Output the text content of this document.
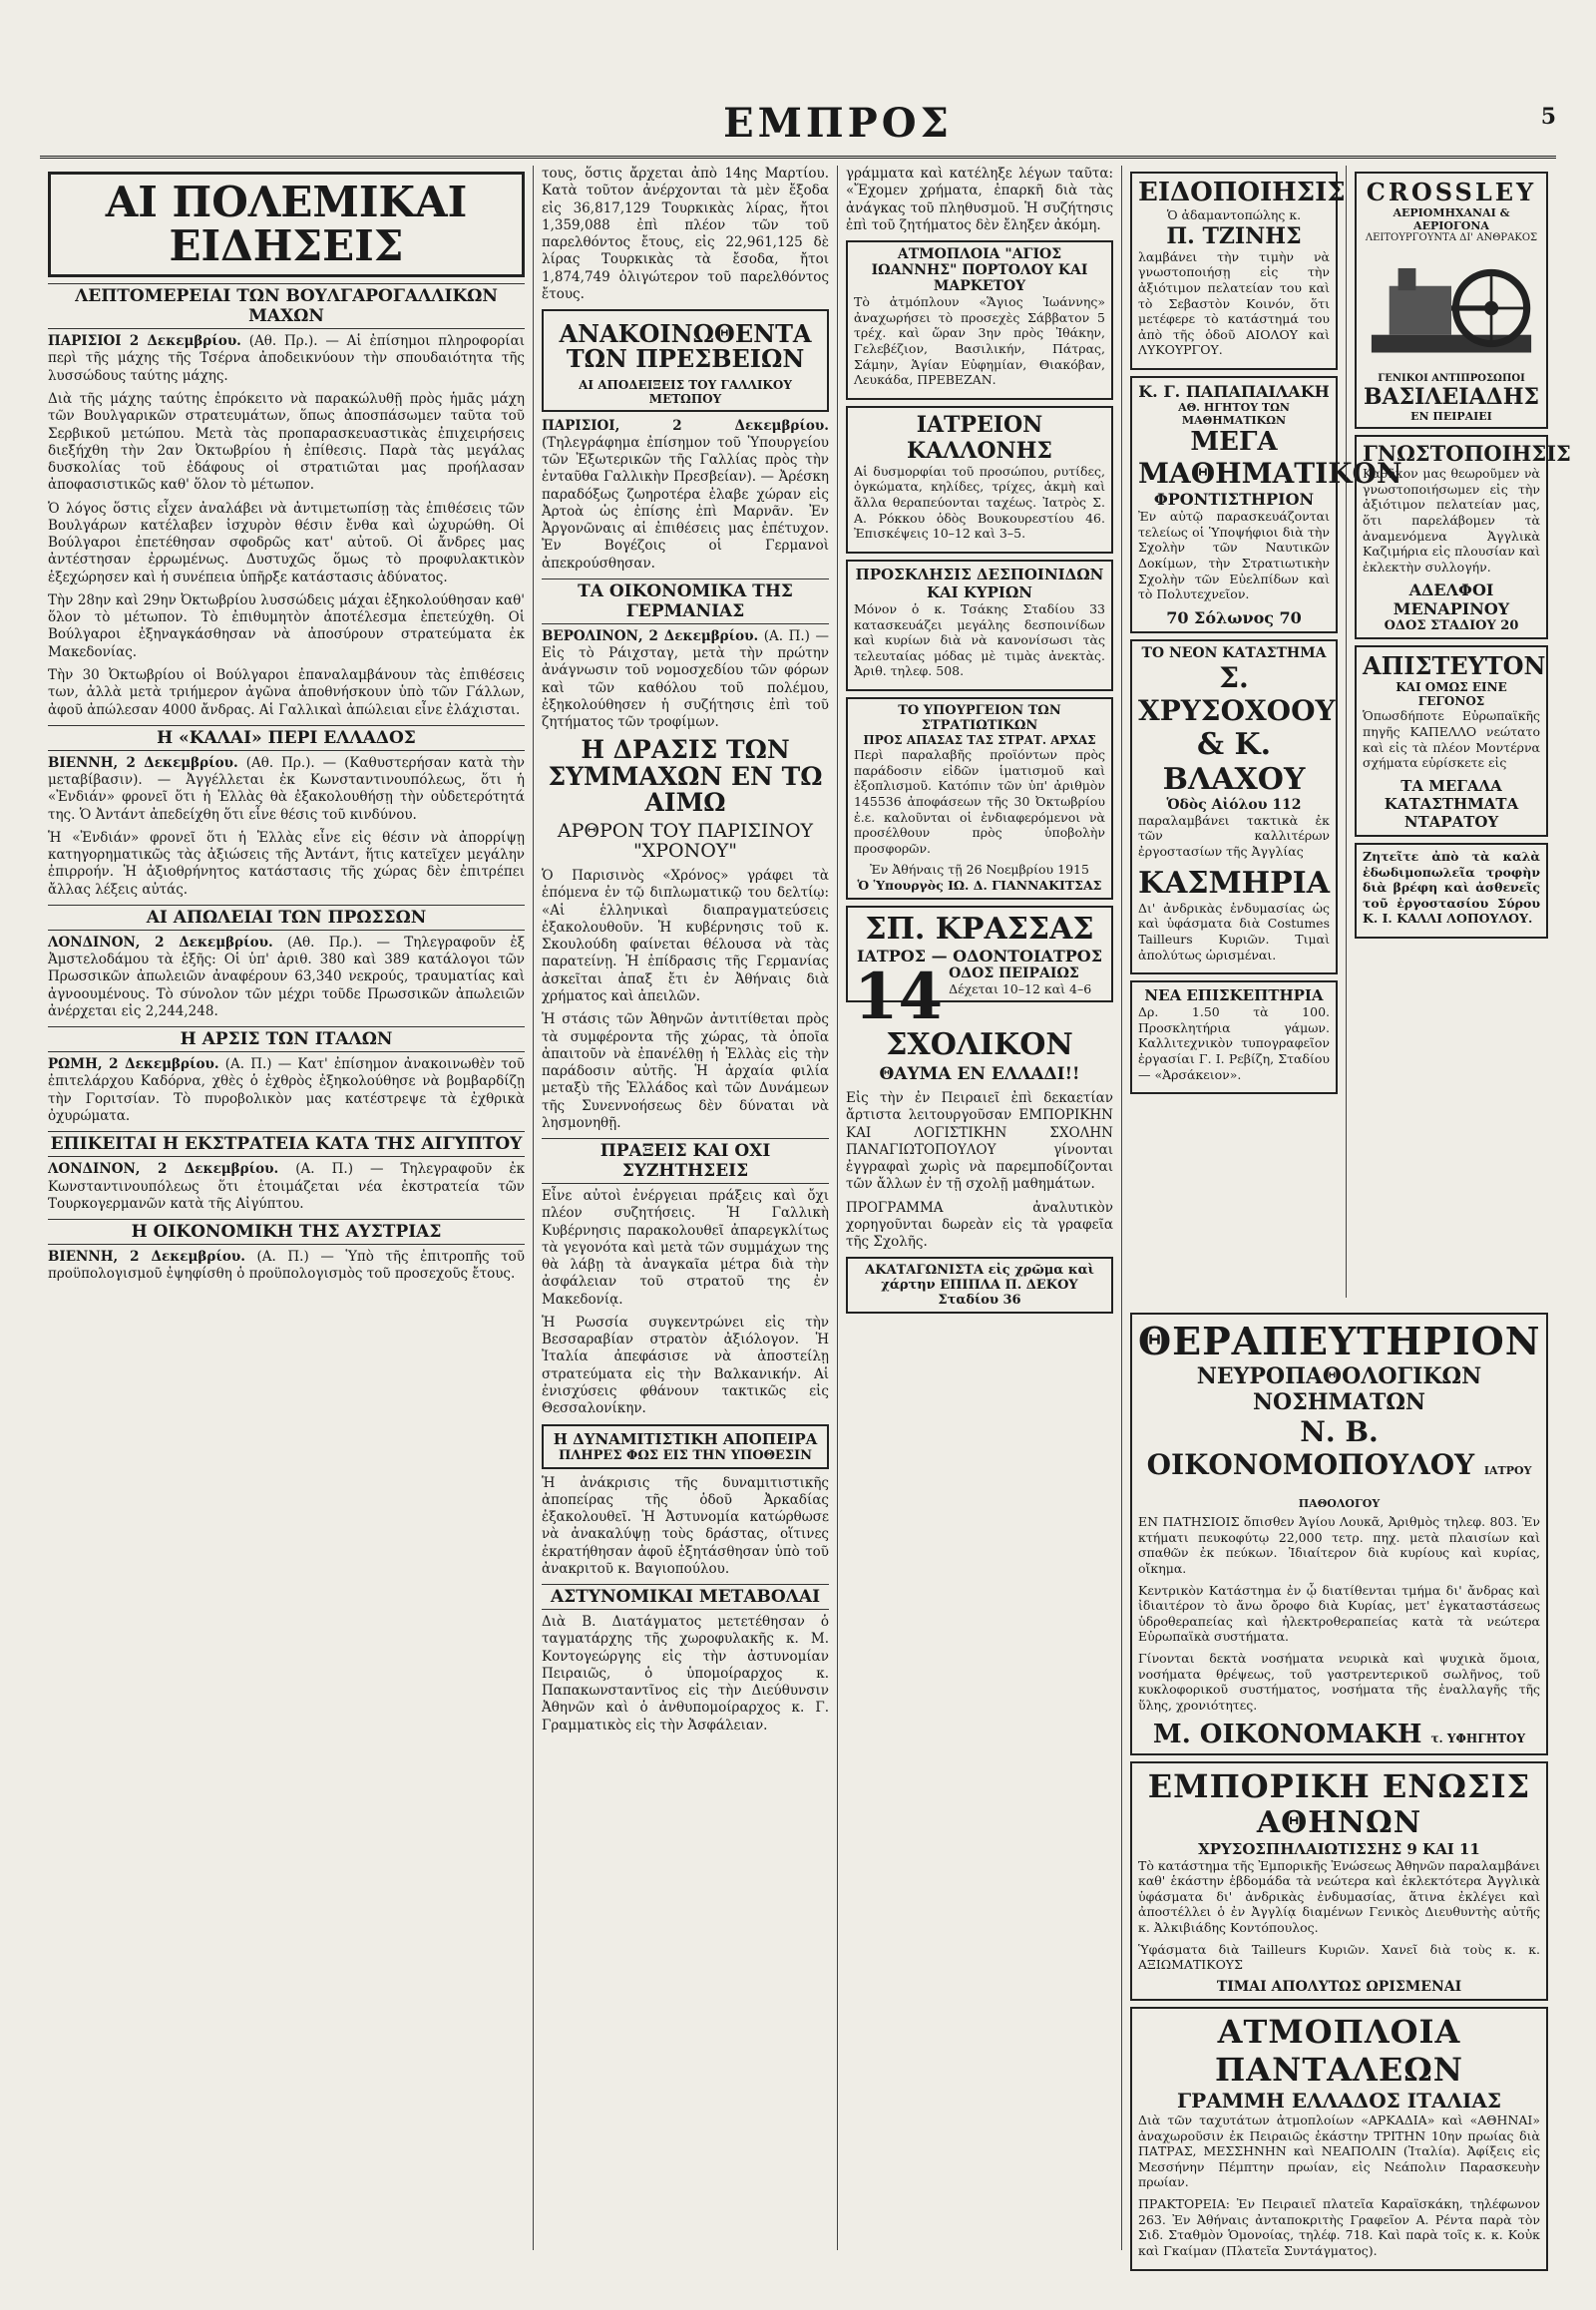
ΕΜΠΡΟΣ	5
ΑΙ ΠΟΛΕΜΙΚΑΙ ΕΙΔΗΣΕΙΣ
ΛΕΠΤΟΜΕΡΕΙΑΙ ΤΩΝ ΒΟΥΛΓΑΡΟΓΑΛΛΙΚΩΝ ΜΑΧΩΝ

ΠΑΡΙΣΙΟΙ 2 Δεκεμβρίου. (Αθ. Πρ.). — Αἱ ἐπίσημοι πληροφορίαι περὶ τῆς μάχης τῆς Τσέρνα ἀποδεικνύουν τὴν σπουδαιότητα τῆς λυσσώδους ταύτης μάχης.

Διὰ τῆς μάχης ταύτης ἐπρόκειτο νὰ παρακώλυθῇ πρὸς ἡμᾶς μάχη τῶν Βουλγαρικῶν στρατευμάτων, ὅπως ἀποσπάσωμεν ταῦτα τοῦ Σερβικοῦ μετώπου. Μετὰ τὰς προπαρασκευαστικὰς ἐπιχειρήσεις διεξήχθη τὴν 2αν Ὀκτωβρίου ἡ ἐπίθεσις. Παρὰ τὰς μεγάλας δυσκολίας τοῦ ἐδάφους οἱ στρατιῶται μας προήλασαν ἀποφασιστικῶς καθ' ὅλον τὸ μέτωπον.

Ὁ λόγος ὅστις εἶχεν ἀναλάβει νὰ ἀντιμετωπίσῃ τὰς ἐπιθέσεις τῶν Βουλγάρων κατέλαβεν ἰσχυρὸν θέσιν ἔνθα καὶ ὠχυρώθη. Οἱ Βούλγαροι ἐπετέθησαν σφοδρῶς κατ' αὐτοῦ. Οἱ ἄνδρες μας ἀντέστησαν ἐρρωμένως. Δυστυχῶς ὅμως τὸ προφυλακτικὸν ἐξεχώρησεν καὶ ἡ συνέπεια ὑπῆρξε κατάστασις ἀδύνατος.

Τὴν 28ην καὶ 29ην Ὀκτωβρίου λυσσώδεις μάχαι ἐξηκολούθησαν καθ' ὅλον τὸ μέτωπον. Τὸ ἐπιθυμητὸν ἀποτέλεσμα ἐπετεύχθη. Οἱ Βούλγαροι ἐξηναγκάσθησαν νὰ ἀποσύρουν στρατεύματα ἐκ Μακεδονίας.

Τὴν 30 Ὀκτωβρίου οἱ Βούλγαροι ἐπαναλαμβάνουν τὰς ἐπιθέσεις των, ἀλλὰ μετὰ τριήμερον ἀγῶνα ἀποθνήσκουν ὑπὸ τῶν Γάλλων, ἀφοῦ ἀπώλεσαν 4000 ἄνδρας. Αἱ Γαλλικαὶ ἀπώλειαι εἶνε ἐλάχισται.

Η «ΚΑΛΑΙ» ΠΕΡΙ ΕΛΛΑΔΟΣ

ΒΙΕΝΝΗ, 2 Δεκεμβρίου. (Αθ. Πρ.). — (Καθυστερήσαν κατὰ τὴν μεταβίβασιν). — Ἀγγέλλεται ἐκ Κωνσταντινουπόλεως, ὅτι ἡ «Ἐνδιάν» φρονεῖ ὅτι ἡ Ἑλλὰς θὰ ἐξακολουθήσῃ τὴν οὐδετερότητά της. Ὁ Ἀντάντ ἀπεδείχθη ὅτι εἶνε θέσις τοῦ κινδύνου.

Ἡ «Ἐνδιάν» φρονεῖ ὅτι ἡ Ἑλλὰς εἶνε εἰς θέσιν νὰ ἀπορρίψῃ κατηγορηματικῶς τὰς ἀξιώσεις τῆς Ἀντάντ, ἥτις κατεῖχεν μεγάλην ἐπιρροήν. Ἡ ἀξιοθρήνητος κατάστασις τῆς χώρας δὲν ἐπιτρέπει ἄλλας λέξεις αὐτάς.

ΑΙ ΑΠΩΛΕΙΑΙ ΤΩΝ ΠΡΩΣΣΩΝ

ΛΟΝΔΙΝΟΝ, 2 Δεκεμβρίου. (Αθ. Πρ.). — Τηλεγραφοῦν ἐξ Ἀμστελοδάμου τὰ ἑξῆς: Οἱ ὑπ' ἀριθ. 380 καὶ 389 κατάλογοι τῶν Πρωσσικῶν ἀπωλειῶν ἀναφέρουν 63,340 νεκρούς, τραυματίας καὶ ἀγνοουμένους. Τὸ σύνολον τῶν μέχρι τοῦδε Πρωσσικῶν ἀπωλειῶν ἀνέρχεται εἰς 2,244,248.

Η ΑΡΣΙΣ ΤΩΝ ΙΤΑΛΩΝ

ΡΩΜΗ, 2 Δεκεμβρίου. (Α. Π.) — Κατ' ἐπίσημον ἀνακοινωθὲν τοῦ ἐπιτελάρχου Καδόρνα, χθὲς ὁ ἐχθρὸς ἐξηκολούθησε νὰ βομβαρδίζῃ τὴν Γοριτσίαν. Τὸ πυροβολικὸν μας κατέστρεψε τὰ ἐχθρικὰ ὀχυρώματα.

ΕΠΙΚΕΙΤΑΙ Η ΕΚΣΤΡΑΤΕΙΑ ΚΑΤΑ ΤΗΣ ΑΙΓΥΠΤΟΥ

ΛΟΝΔΙΝΟΝ, 2 Δεκεμβρίου. (Α. Π.) — Τηλεγραφοῦν ἐκ Κωνσταντινουπόλεως ὅτι ἐτοιμάζεται νέα ἐκστρατεία τῶν Τουρκογερμανῶν κατὰ τῆς Αἰγύπτου.

Η ΟΙΚΟΝΟΜΙΚΗ ΤΗΣ ΑΥΣΤΡΙΑΣ

ΒΙΕΝΝΗ, 2 Δεκεμβρίου. (Α. Π.) — Ὑπὸ τῆς ἐπιτροπῆς τοῦ προϋπολογισμοῦ ἐψηφίσθη ὁ προϋπολογισμὸς τοῦ προσεχοῦς ἔτους.

τους, ὅστις ἄρχεται ἀπὸ 14ης Μαρτίου. Κατὰ τοῦτον ἀνέρχονται τὰ μὲν ἔξοδα εἰς 36,817,129 Τουρκικὰς λίρας, ἤτοι 1,359,088 ἐπὶ πλέον τῶν τοῦ παρελθόντος ἔτους, εἰς 22,961,125 δὲ λίρας Τουρκικὰς τὰ ἔσοδα, ἤτοι 1,874,749 ὀλιγώτερον τοῦ παρελθόντος ἔτους.

ΑΝΑΚΟΙΝΩΘΕΝΤΑ ΤΩΝ ΠΡΕΣΒΕΙΩΝ
ΑΙ ΑΠΟΔΕΙΞΕΙΣ ΤΟΥ ΓΑΛΛΙΚΟΥ ΜΕΤΩΠΟΥ

ΠΑΡΙΣΙΟΙ, 2 Δεκεμβρίου. (Τηλεγράφημα ἐπίσημον τοῦ Ὑπουργείου τῶν Ἐξωτερικῶν τῆς Γαλλίας πρὸς τὴν ἐνταῦθα Γαλλικὴν Πρεσβείαν). — Ἀρέσκη παραδόξως ζωηροτέρα ἐλαβε χώραν εἰς Ἀρτοὰ ὡς ἐπίσης ἐπὶ Μαρνᾶν. Ἐν Ἀργονῶναις αἱ ἐπιθέσεις μας ἐπέτυχον. Ἐν Βογέζοις οἱ Γερμανοὶ ἀπεκρούσθησαν.

ΤΑ ΟΙΚΟΝΟΜΙΚΑ ΤΗΣ ΓΕΡΜΑΝΙΑΣ

ΒΕΡΟΛΙΝΟΝ, 2 Δεκεμβρίου. (Α. Π.) — Εἰς τὸ Ράιχσταγ, μετὰ τὴν πρώτην ἀνάγνωσιν τοῦ νομοσχεδίου τῶν φόρων καὶ τῶν καθόλου τοῦ πολέμου, ἐξηκολούθησεν ἡ συζήτησις ἐπὶ τοῦ ζητήματος τῶν τροφίμων.

Η ΔΡΑΣΙΣ ΤΩΝ ΣΥΜΜΑΧΩΝ ΕΝ ΤΩ ΑΙΜΩ
ΑΡΘΡΟΝ ΤΟΥ ΠΑΡΙΣΙΝΟΥ "ΧΡΟΝΟΥ"

Ὁ Παρισινὸς «Χρόνος» γράφει τὰ ἑπόμενα ἐν τῷ διπλωματικῷ του δελτίῳ: «Αἱ ἑλληνικαὶ διαπραγματεύσεις ἐξακολουθοῦν. Ἡ κυβέρνησις τοῦ κ. Σκουλούδη φαίνεται θέλουσα νὰ τὰς παρατείνῃ. Ἡ ἐπίδρασις τῆς Γερμανίας ἀσκεῖται ἀπαξ ἔτι ἐν Ἀθήναις διὰ χρήματος καὶ ἀπειλῶν.

Ἡ στάσις τῶν Ἀθηνῶν ἀντιτίθεται πρὸς τὰ συμφέροντα τῆς χώρας, τὰ ὁποῖα ἀπαιτοῦν νὰ ἐπανέλθῃ ἡ Ἑλλὰς εἰς τὴν παράδοσιν αὐτῆς. Ἡ ἀρχαία φιλία μεταξὺ τῆς Ἑλλάδος καὶ τῶν Δυνάμεων τῆς Συνεννοήσεως δὲν δύναται νὰ λησμονηθῇ.

ΠΡΑΞΕΙΣ ΚΑΙ ΟΧΙ ΣΥΖΗΤΗΣΕΙΣ

Εἶνε αὐτοὶ ἐνέργειαι πράξεις καὶ ὄχι πλέον συζητήσεις. Ἡ Γαλλικὴ Κυβέρνησις παρακολουθεῖ ἀπαρεγκλίτως τὰ γεγονότα καὶ μετὰ τῶν συμμάχων της θὰ λάβῃ τὰ ἀναγκαῖα μέτρα διὰ τὴν ἀσφάλειαν τοῦ στρατοῦ της ἐν Μακεδονίᾳ.

Ἡ Ρωσσία συγκεντρώνει εἰς τὴν Βεσσαραβίαν στρατὸν ἀξιόλογον. Ἡ Ἰταλία ἀπεφάσισε νὰ ἀποστείλῃ στρατεύματα εἰς τὴν Βαλκανικήν. Αἱ ἐνισχύσεις φθάνουν τακτικῶς εἰς Θεσσαλονίκην.

Η ΔΥΝΑΜΙΤΙΣΤΙΚΗ ΑΠΟΠΕΙΡΑ
ΠΛΗΡΕΣ ΦΩΣ ΕΙΣ ΤΗΝ ΥΠΟΘΕΣΙΝ

Ἡ ἀνάκρισις τῆς δυναμιτιστικῆς ἀποπείρας τῆς ὁδοῦ Ἀρκαδίας ἐξακολουθεῖ. Ἡ Ἀστυνομία κατώρθωσε νὰ ἀνακαλύψῃ τοὺς δράστας, οἵτινες ἐκρατήθησαν ἀφοῦ ἐξητάσθησαν ὑπὸ τοῦ ἀνακριτοῦ κ. Βαγιοπούλου.

ΑΣΤΥΝΟΜΙΚΑΙ ΜΕΤΑΒΟΛΑΙ

Διὰ Β. Διατάγματος μετετέθησαν ὁ ταγματάρχης τῆς χωροφυλακῆς κ. Μ. Κοντογεώργης εἰς τὴν ἀστυνομίαν Πειραιῶς, ὁ ὑπομοίραρχος κ. Παπακωνσταντῖνος εἰς τὴν Διεύθυνσιν Ἀθηνῶν καὶ ὁ ἀνθυπομοίραρχος κ. Γ. Γραμματικὸς εἰς τὴν Ἀσφάλειαν.

γράμματα καὶ κατέληξε λέγων ταῦτα: «Ἔχομεν χρήματα, ἐπαρκῆ διὰ τὰς ἀνάγκας τοῦ πληθυσμοῦ. Ἡ συζήτησις ἐπὶ τοῦ ζητήματος δὲν ἔληξεν ἀκόμη.

ΑΤΜΟΠΛΟΙΑ "ΑΓΙΟΣ ΙΩΑΝΝΗΣ" ΠΟΡΤΟΛΟΥ ΚΑΙ ΜΑΡΚΕΤΟΥ

Τὸ ἀτμόπλουν «Ἅγιος Ἰωάννης» ἀναχωρήσει τὸ προσεχὲς Σάββατον 5 τρέχ. καὶ ὥραν 3ην πρὸς Ἰθάκην, Γελεβέζιον, Βασιλικήν, Πάτρας, Σάμην, Ἁγίαν Εὐφημίαν, Θιακόβαν, Λευκάδα, ΠΡΕΒΕΖΑΝ.

ΙΑΤΡΕΙΟΝ ΚΑΛΛΟΝΗΣ

Αἱ δυσμορφίαι τοῦ προσώπου, ρυτίδες, ὀγκώματα, κηλίδες, τρίχες, ἀκμὴ καὶ ἄλλα θεραπεύονται ταχέως. Ἰατρὸς Σ. Α. Ρόκκου ὁδὸς Βουκουρεστίου 46. Ἐπισκέψεις 10–12 καὶ 3–5.

ΠΡΟΣΚΛΗΣΙΣ ΔΕΣΠΟΙΝΙΔΩΝ ΚΑΙ ΚΥΡΙΩΝ

Μόνον ὁ κ. Τσάκης Σταδίου 33 κατασκευάζει μεγάλης δεσποινίδων καὶ κυρίων διὰ νὰ κανονίσωσι τὰς τελευταίας μόδας μὲ τιμὰς ἀνεκτὰς. Ἀριθ. τηλεφ. 508.

ΤΟ ΥΠΟΥΡΓΕΙΟΝ ΤΩΝ ΣΤΡΑΤΙΩΤΙΚΩΝ
ΠΡΟΣ ΑΠΑΣΑΣ ΤΑΣ ΣΤΡΑΤ. ΑΡΧΑΣ

Περὶ παραλαβῆς προϊόντων πρὸς παράδοσιν εἰδῶν ἱματισμοῦ καὶ ἐξοπλισμοῦ. Κατόπιν τῶν ὑπ' ἀριθμὸν 145536 ἀποφάσεων τῆς 30 Ὀκτωβρίου ἐ.ε. καλοῦνται οἱ ἐνδιαφερόμενοι νὰ προσέλθουν πρὸς ὑποβολὴν προσφορῶν.

Ἐν Ἀθήναις τῇ 26 Νοεμβρίου 1915
Ὁ Ὑπουργὸς ΙΩ. Δ. ΓΙΑΝΝΑΚΙΤΣΑΣ
ΣΠ. ΚΡΑΣΣΑΣ
ΙΑΤΡΟΣ — ΟΔΟΝΤΟΙΑΤΡΟΣ
14 ΟΔΟΣ ΠΕΙΡΑΙΩΣ
Δέχεται 10–12 καὶ 4–6
ΣΧΟΛΙΚΟΝ
ΘΑΥΜΑ ΕΝ ΕΛΛΑΔΙ!!

Εἰς τὴν ἐν Πειραιεῖ ἐπὶ δεκαετίαν ἄρτιστα λειτουργοῦσαν ΕΜΠΟΡΙΚΗΝ ΚΑΙ ΛΟΓΙΣΤΙΚΗΝ ΣΧΟΛΗΝ ΠΑΝΑΓΙΩΤΟΠΟΥΛΟΥ γίνονται ἐγγραφαὶ χωρὶς νὰ παρεμποδίζονται τῶν ἄλλων ἐν τῇ σχολῇ μαθημάτων.

ΠΡΟΓΡΑΜΜΑ ἀναλυτικὸν χορηγοῦνται δωρεὰν εἰς τὰ γραφεῖα τῆς Σχολῆς.

ΑΚΑΤΑΓΩΝΙΣΤΑ εἰς χρῶμα καὶ χάρτην ΕΠΙΠΛΑ Π. ΔΕΚΟΥ Σταδίου 36
ΕΙΔΟΠΟΙΗΣΙΣ
Ὁ ἀδαμαντοπώλης κ.
Π. ΤΖΙΝΗΣ

λαμβάνει τὴν τιμὴν νὰ γνωστοποιήσῃ εἰς τὴν ἀξιότιμον πελατείαν του καὶ τὸ Σεβαστὸν Κοινόν, ὅτι μετέφερε τὸ κατάστημά του ἀπὸ τῆς ὁδοῦ ΑΙΟΛΟΥ καὶ ΛΥΚΟΥΡΓΟΥ.

Κ. Γ. ΠΑΠΑΠΑΙΛΑΚΗ
ΑΘ. ΗΓΗΤΟΥ ΤΩΝ ΜΑΘΗΜΑΤΙΚΩΝ
ΜΕΓΑ
ΜΑΘΗΜΑΤΙΚΟΝ
ΦΡΟΝΤΙΣΤΗΡΙΟΝ

Ἐν αὐτῷ παρασκευάζονται τελείως οἱ Ὑποψήφιοι διὰ τὴν Σχολὴν τῶν Ναυτικῶν Δοκίμων, τὴν Στρατιωτικὴν Σχολὴν τῶν Εὐελπίδων καὶ τὸ Πολυτεχνεῖον.

70 Σόλωνος 70
ΤΟ ΝΕΟΝ ΚΑΤΑΣΤΗΜΑ
Σ. ΧΡΥΣΟΧΟΟΥ
& Κ. ΒΛΑΧΟΥ
Ὁδὸς Αἰόλου 112

παραλαμβάνει τακτικὰ ἐκ τῶν καλλιτέρων ἐργοστασίων τῆς Ἀγγλίας

ΚΑΣΜΗΡΙΑ

Δι' ἀνδρικὰς ἐνδυμασίας ὡς καὶ ὑφάσματα διὰ Costumes Tailleurs Κυριῶν. Τιμαὶ ἀπολύτως ὡρισμέναι.

ΝΕΑ ΕΠΙΣΚΕΠΤΗΡΙΑ

Δρ. 1.50 τὰ 100. Προσκλητήρια γάμων. Καλλιτεχνικὸν τυπογραφεῖον ἐργασίαι Γ. Ι. Ρεβίζη, Σταδίου — «Ἀρσάκειον».

CROSSLEY
ΑΕΡΙΟΜΗΧΑΝΑΙ & ΑΕΡΙΟΓΟΝΑ
ΛΕΙΤΟΥΡΓΟΥΝΤΑ ΔΙ' ΑΝΘΡΑΚΟΣ
ΓΕΝΙΚΟΙ ΑΝΤΙΠΡΟΣΩΠΟΙ
ΒΑΣΙΛΕΙΑΔΗΣ
ΕΝ ΠΕΙΡΑΙΕΙ
ΓΝΩΣΤΟΠΟΙΗΣΙΣ

Καθῆκον μας θεωροῦμεν νὰ γνωστοποιήσωμεν εἰς τὴν ἀξιότιμον πελατείαν μας, ὅτι παρελάβομεν τὰ ἀναμενόμενα Ἀγγλικὰ Καζιμήρια εἰς πλουσίαν καὶ ἐκλεκτὴν συλλογήν.

ΑΔΕΛΦΟΙ ΜΕΝΑΡΙΝΟΥ
ΟΔΟΣ ΣΤΑΔΙΟΥ 20
ΑΠΙΣΤΕΥΤΟΝ
ΚΑΙ ΟΜΩΣ ΕΙΝΕ ΓΕΓΟΝΟΣ

Ὁπωσδήποτε Εὐρωπαϊκῆς πηγῆς ΚΑΠΕΛΛΟ νεώτατο καὶ εἰς τὰ πλέον Μοντέρνα σχήματα εὑρίσκετε εἰς

ΤΑ ΜΕΓΑΛΑ ΚΑΤΑΣΤΗΜΑΤΑ ΝΤΑΡΑΤΟΥ

Ζητεῖτε ἀπὸ τὰ καλὰ ἐδωδιμοπωλεῖα τροφὴν διὰ βρέφη καὶ ἀσθενεῖς τοῦ ἐργοστασίου Σύρου Κ. Ι. ΚΑΛΛΙ ΛΟΠΟΥΛΟΥ.

ΘΕΡΑΠΕΥΤΗΡΙΟΝ
ΝΕΥΡΟΠΑΘΟΛΟΓΙΚΩΝ ΝΟΣΗΜΑΤΩΝ
Ν. Β. ΟΙΚΟΝΟΜΟΠΟΥΛΟΥ ΙΑΤΡΟΥ ΠΑΘΟΛΟΓΟΥ

ΕΝ ΠΑΤΗΣΙΟΙΣ ὄπισθεν Ἁγίου Λουκᾶ, Ἀριθμὸς τηλεφ. 803. Ἐν κτήματι πευκοφύτῳ 22,000 τετρ. πηχ. μετὰ πλαισίων καὶ σπαθῶν ἐκ πεύκων. Ἰδιαίτερον διὰ κυρίους καὶ κυρίας, οἴκημα.

Κεντρικὸν Κατάστημα ἐν ᾧ διατίθενται τμήμα δι' ἄνδρας καὶ ἰδιαιτέρον τὸ ἄνω ὄροφο διὰ Κυρίας, μετ' ἐγκαταστάσεως ὑδροθεραπείας καὶ ἠλεκτροθεραπείας κατὰ τὰ νεώτερα Εὐρωπαϊκὰ συστήματα.

Γίνονται δεκτὰ νοσήματα νευρικὰ καὶ ψυχικὰ ὅμοια, νοσήματα θρέψεως, τοῦ γαστρεντερικοῦ σωλῆνος, τοῦ κυκλοφορικοῦ συστήματος, νοσήματα τῆς ἐναλλαγῆς τῆς ὕλης, χρονιότητες.

Μ. ΟΙΚΟΝΟΜΑΚΗ τ. ΥΦΗΓΗΤΟΥ
ΕΜΠΟΡΙΚΗ ΕΝΩΣΙΣ
ΑΘΗΝΩΝ
ΧΡΥΣΟΣΠΗΛΑΙΩΤΙΣΣΗΣ 9 ΚΑΙ 11

Τὸ κατάστημα τῆς Ἐμπορικῆς Ἑνώσεως Ἀθηνῶν παραλαμβάνει καθ' ἑκάστην ἑβδομάδα τὰ νεώτερα καὶ ἐκλεκτότερα Ἀγγλικὰ ὑφάσματα δι' ἀνδρικὰς ἐνδυμασίας, ἅτινα ἐκλέγει καὶ ἀποστέλλει ὁ ἐν Ἀγγλίᾳ διαμένων Γενικὸς Διευθυντὴς αὐτῆς κ. Ἀλκιβιάδης Κοντόπουλος.

Ὑφάσματα διὰ Tailleurs Κυριῶν. Χανεῖ διὰ τοὺς κ. κ. ΑΞΙΩΜΑΤΙΚΟΥΣ

ΤΙΜΑΙ ΑΠΟΛΥΤΩΣ ΩΡΙΣΜΕΝΑΙ
ΑΤΜΟΠΛΟΙΑ ΠΑΝΤΑΛΕΩΝ
ΓΡΑΜΜΗ ΕΛΛΑΔΟΣ ΙΤΑΛΙΑΣ

Διὰ τῶν ταχυτάτων ἀτμοπλοίων «ΑΡΚΑΔΙΑ» καὶ «ΑΘΗΝΑΙ» ἀναχωροῦσιν ἐκ Πειραιῶς ἑκάστην ΤΡΙΤΗΝ 10ην πρωίας διὰ ΠΑΤΡΑΣ, ΜΕΣΣΗΝΗΝ καὶ ΝΕΑΠΟΛΙΝ (Ἰταλία). Ἀφίξεις εἰς Μεσσήνην Πέμπτην πρωίαν, εἰς Νεάπολιν Παρασκευὴν πρωίαν.

ΠΡΑΚΤΟΡΕΙΑ: Ἐν Πειραιεῖ πλατεῖα Καραϊσκάκη, τηλέφωνον 263. Ἐν Ἀθήναις ἀνταποκριτὴς Γραφεῖον Α. Ρέντα παρὰ τὸν Σιδ. Σταθμὸν Ὁμονοίας, τηλέφ. 718. Καὶ παρὰ τοῖς κ. κ. Κοὐκ καὶ Γκαίμαν (Πλατεῖα Συντάγματος).
